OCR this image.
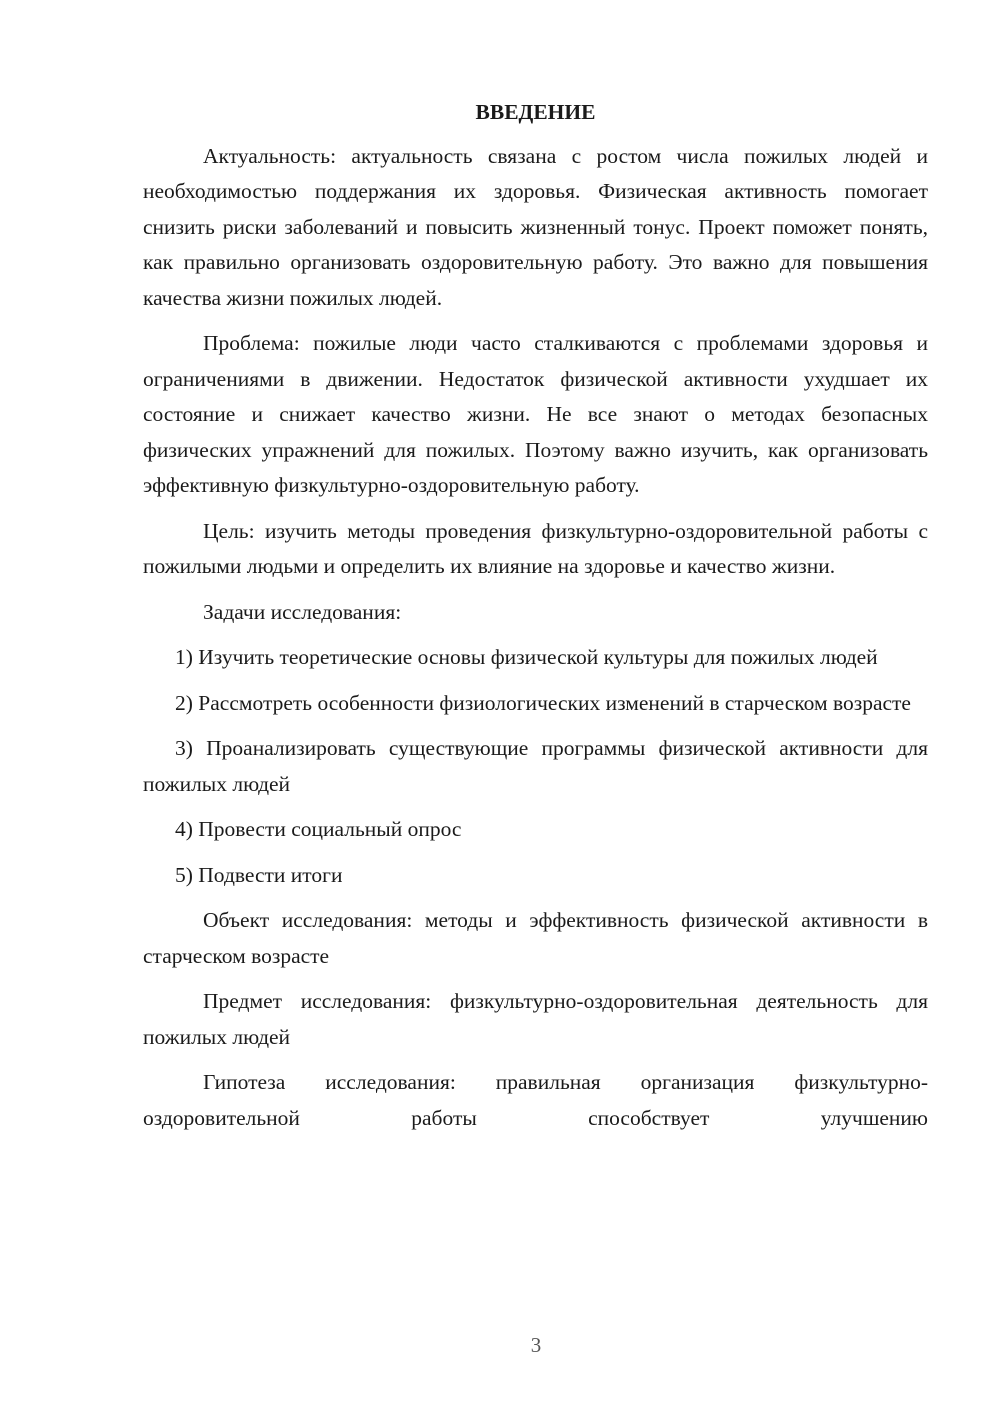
ВВЕДЕНИЕ

Актуальность: актуальность связана с ростом числа пожилых людей и необходимостью поддержания их здоровья. Физическая активность помогает снизить риски заболеваний и повысить жизненный тонус. Проект поможет понять, как правильно организовать оздоровительную работу. Это важно для повышения качества жизни пожилых людей.

Проблема: пожилые люди часто сталкиваются с проблемами здоровья и ограничениями в движении. Недостаток физической активности ухудшает их состояние и снижает качество жизни. Не все знают о методах безопасных физических упражнений для пожилых. Поэтому важно изучить, как организовать эффективную физкультурно-оздоровительную работу.

Цель: изучить методы проведения физкультурно-оздоровительной работы с пожилыми людьми и определить их влияние на здоровье и качество жизни.

Задачи исследования:

1) Изучить теоретические основы физической культуры для пожилых людей

2) Рассмотреть особенности физиологических изменений в старческом возрасте

3) Проанализировать существующие программы физической активности для пожилых людей

4) Провести социальный опрос

5) Подвести итоги

Объект исследования: методы и эффективность физической активности в старческом возрасте

Предмет исследования: физкультурно-оздоровительная деятельность для пожилых людей

Гипотеза исследования: правильная организация физкультурно-оздоровительной работы способствует улучшению

3
